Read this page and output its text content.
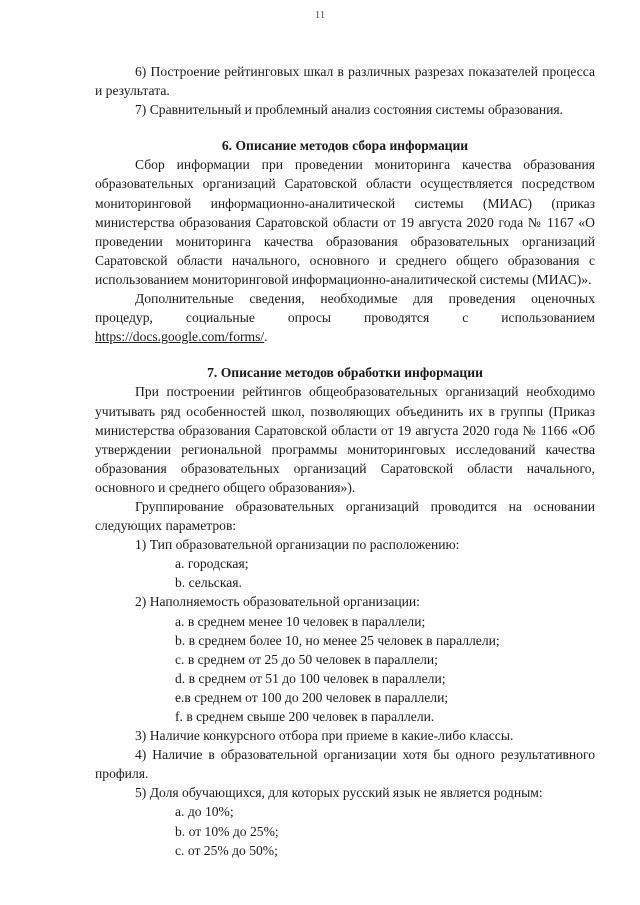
11

6) Построение рейтинговых шкал в различных разрезах показателей процесса и результата.

7) Сравнительный и проблемный анализ состояния системы образования.

6. Описание методов сбора информации

Сбор информации при проведении мониторинга качества образования образовательных организаций Саратовской области осуществляется посредством мониторинговой информационно-аналитической системы (МИАС) (приказ министерства образования Саратовской области от 19 августа 2020 года № 1167 «О проведении мониторинга качества образования образовательных организаций Саратовской области начального, основного и среднего общего образования с использованием мониторинговой информационно-аналитической системы (МИАС)».

Дополнительные сведения, необходимые для проведения оценочных процедур, социальные опросы проводятся с использованием https://docs.google.com/forms/.

7. Описание методов обработки информации

При построении рейтингов общеобразовательных организаций необходимо учитывать ряд особенностей школ, позволяющих объединить их в группы (Приказ министерства образования Саратовской области от 19 августа 2020 года № 1166 «Об утверждении региональной программы мониторинговых исследований качества образования образовательных организаций Саратовской области начального, основного и среднего общего образования»).

Группирование образовательных организаций проводится на основании следующих параметров:

1) Тип образовательной организации по расположению:

a. городская;

b. сельская.

2) Наполняемость образовательной организации:

a. в среднем менее 10 человек в параллели;

b. в среднем более 10, но менее 25 человек в параллели;

c. в среднем от 25 до 50 человек в параллели;

d. в среднем от 51 до 100 человек в параллели;

e.в среднем от 100 до 200 человек в параллели;

f. в среднем свыше 200 человек в параллели.

3) Наличие конкурсного отбора при приеме в какие-либо классы.

4) Наличие в образовательной организации хотя бы одного результативного профиля.

5) Доля обучающихся, для которых русский язык не является родным:

a. до 10%;

b. от 10% до 25%;

c. от 25% до 50%;
